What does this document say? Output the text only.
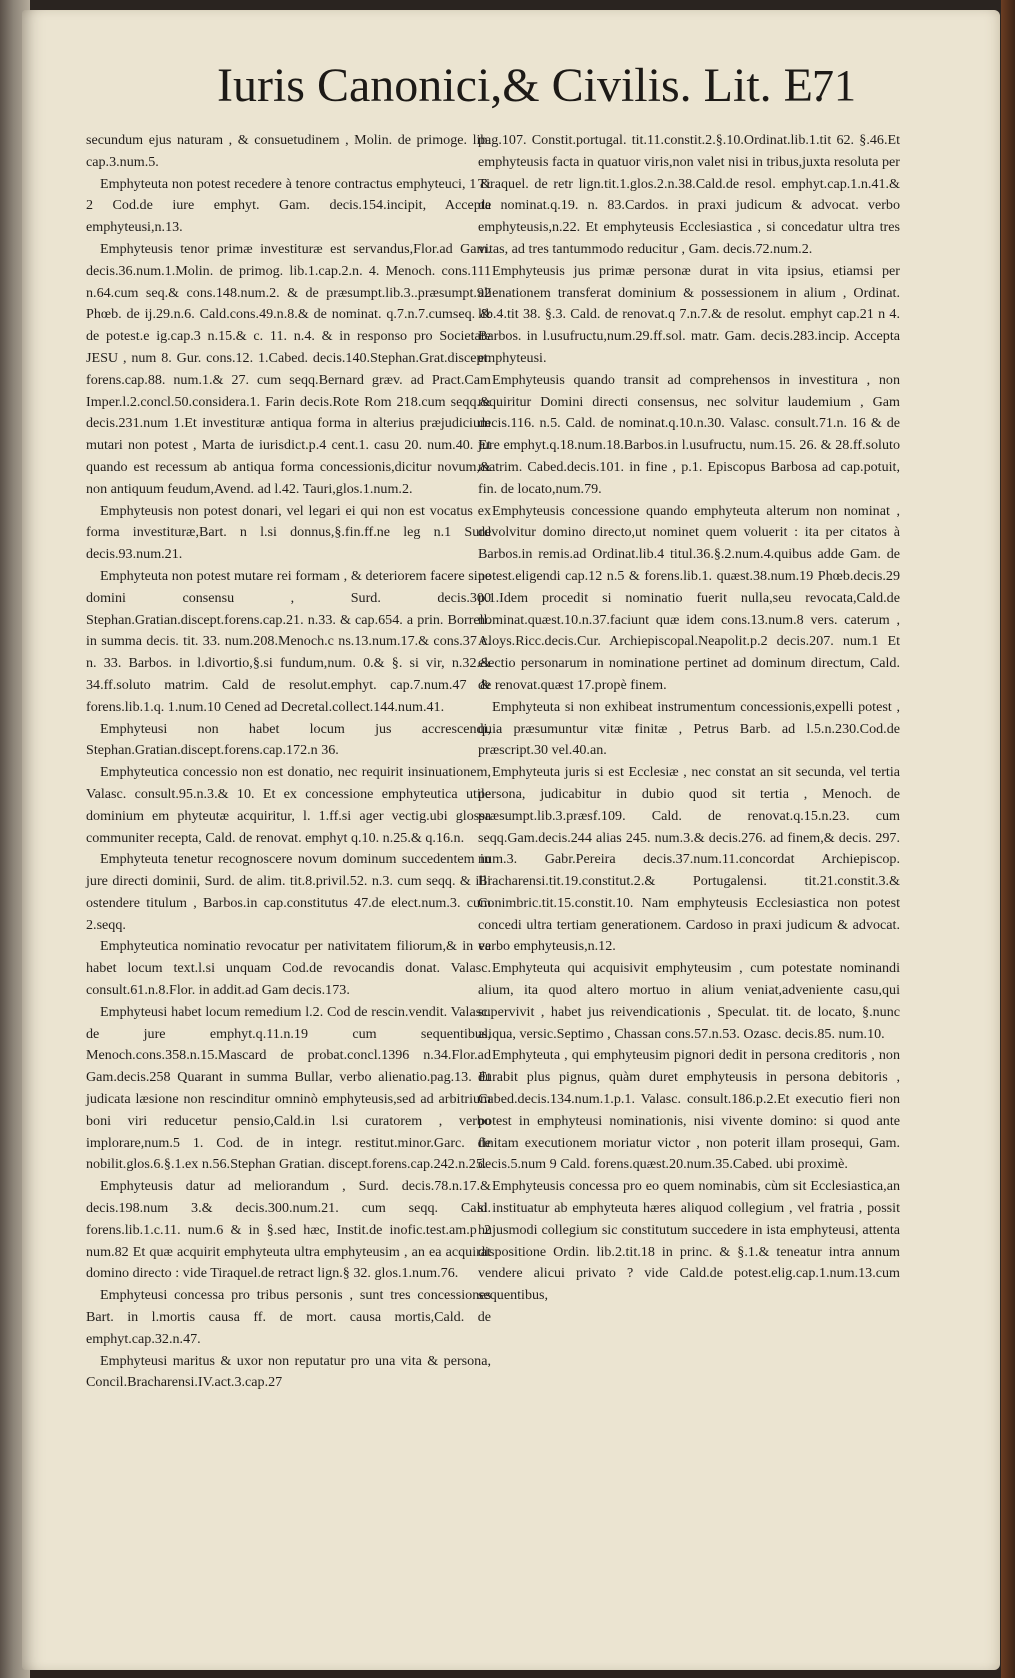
Iuris Canonici,& Civilis. Lit. E.
71

secundum ejus naturam , & consuetudinem , Molin. de primoge. lib. cap.3.num.5.

Emphyteuta non potest recedere à tenore contractus emphyteuci, 1 & 2 Cod.de iure emphyt. Gam. decis.154.incipit, Accepta emphyteusi,n.13.

Emphyteusis tenor primæ investituræ est servandus,Flor.ad Gam. decis.36.num.1.Molin. de primog. lib.1.cap.2.n. 4. Menoch. cons.111 n.64.cum seq.& cons.148.num.2. & de præsumpt.lib.3..præsumpt.92 Phœb. de ij.29.n.6. Cald.cons.49.n.8.& de nominat. q.7.n.7.cumseq. & de potest.e ig.cap.3 n.15.& c. 11. n.4. & in responso pro Societate JESU , num 8. Gur. cons.12. 1.Cabed. decis.140.Stephan.Grat.discept. forens.cap.88. num.1.& 27. cum seqq.Bernard græv. ad Pract.Cam Imper.l.2.concl.50.considera.1. Farin decis.Rote Rom 218.cum seqq.& decis.231.num 1.Et investituræ antiqua forma in alterius præjudicium mutari non potest , Marta de iurisdict.p.4 cent.1. casu 20. num.40. Et quando est recessum ab antiqua forma concessionis,dicitur novum,& non antiquum feudum,Avend. ad l.42. Tauri,glos.1.num.2.

Emphyteusis non potest donari, vel legari ei qui non est vocatus ex forma investituræ,Bart. n l.si donnus,§.fin.ff.ne leg n.1 Surd decis.93.num.21.

Emphyteuta non potest mutare rei formam , & deteriorem facere sine domini consensu , Surd. decis.300 Stephan.Gratian.discept.forens.cap.21. n.33. & cap.654. a prin. Borrell. in summa decis. tit. 33. num.208.Menoch.c ns.13.num.17.& cons.37 c. n. 33. Barbos. in l.divortio,§.si fundum,num. 0.& §. si vir, n.32.& 34.ff.soluto matrim. Cald de resolut.emphyt. cap.7.num.47 & forens.lib.1.q. 1.num.10 Cened ad Decretal.collect.144.num.41.

Emphyteusi non habet locum jus accrescendi, Stephan.Gratian.discept.forens.cap.172.n 36.

Emphyteutica concessio non est donatio, nec requirit insinuationem, Valasc. consult.95.n.3.& 10. Et ex concessione emphyteutica utile dominium em phyteutæ acquiritur, l. 1.ff.si ager vectig.ubi glossa communiter recepta, Cald. de renovat. emphyt q.10. n.25.& q.16.n.

Emphyteuta tenetur recognoscere novum dominum succedentem in jure directi dominii, Surd. de alim. tit.8.privil.52. n.3. cum seqq. & illi ostendere titulum , Barbos.in cap.constitutus 47.de elect.num.3. cum 2.seqq.

Emphyteutica nominatio revocatur per nativitatem filiorum,& in ea habet locum text.l.si unquam Cod.de revocandis donat. Valasc. consult.61.n.8.Flor. in addit.ad Gam decis.173.

Emphyteusi habet locum remedium l.2. Cod de rescin.vendit. Valasc. de jure emphyt.q.11.n.19 cum sequentibus, Menoch.cons.358.n.15.Mascard de probat.concl.1396 n.34.Flor.ad Gam.decis.258 Quarant in summa Bullar, verbo alienatio.pag.13. Et judicata læsione non rescinditur omninò emphyteusis,sed ad arbitrium boni viri reducetur pensio,Cald.in l.si curatorem , verbo implorare,num.5 1. Cod. de in integr. restitut.minor.Garc. de nobilit.glos.6.§.1.ex n.56.Stephan Gratian. discept.forens.cap.242.n.25.

Emphyteusis datur ad meliorandum , Surd. decis.78.n.17.& decis.198.num 3.& decis.300.num.21. cum seqq. Cald. forens.lib.1.c.11. num.6 & in §.sed hæc, Instit.de inofic.test.am.p 2 num.82 Et quæ acquirit emphyteuta ultra emphyteusim , an ea acquirat domino directo : vide Tiraquel.de retract lign.§ 32. glos.1.num.76.

Emphyteusi concessa pro tribus personis , sunt tres concessiones Bart. in l.mortis causa ff. de mort. causa mortis,Cald. de emphyt.cap.32.n.47.

Emphyteusi maritus & uxor non reputatur pro una vita & persona, Concil.Bracharensi.IV.act.3.cap.27

pag.107. Constit.portugal. tit.11.constit.2.§.10.Ordinat.lib.1.tit 62. §.46.Et emphyteusis facta in quatuor viris,non valet nisi in tribus,juxta resoluta per Tiraquel. de retr lign.tit.1.glos.2.n.38.Cald.de resol. emphyt.cap.1.n.41.& de nominat.q.19. n. 83.Cardos. in praxi judicum & advocat. verbo emphyteusis,n.22. Et emphyteusis Ecclesiastica , si concedatur ultra tres vitas, ad tres tantummodo reducitur , Gam. decis.72.num.2.

Emphyteusis jus primæ personæ durat in vita ipsius, etiamsi per alienationem transferat dominium & possessionem in alium , Ordinat. lib.4.tit 38. §.3. Cald. de renovat.q 7.n.7.& de resolut. emphyt cap.21 n 4. Barbos. in l.usufructu,num.29.ff.sol. matr. Gam. decis.283.incip. Accepta emphyteusi.

Emphyteusis quando transit ad comprehensos in investitura , non requiritur Domini directi consensus, nec solvitur laudemium , Gam decis.116. n.5. Cald. de nominat.q.10.n.30. Valasc. consult.71.n. 16 & de jure emphyt.q.18.num.18.Barbos.in l.usufructu, num.15. 26. & 28.ff.soluto matrim. Cabed.decis.101. in fine , p.1. Episcopus Barbosa ad cap.potuit, fin. de locato,num.79.

Emphyteusis concessione quando emphyteuta alterum non nominat , devolvitur domino directo,ut nominet quem voluerit : ita per citatos à Barbos.in remis.ad Ordinat.lib.4 titul.36.§.2.num.4.quibus adde Gam. de potest.eligendi cap.12 n.5 & forens.lib.1. quæst.38.num.19 Phœb.decis.29 p.1.Idem procedit si nominatio fuerit nulla,seu revocata,Cald.de nominat.quæst.10.n.37.faciunt quæ idem cons.13.num.8 vers. caterum , Aloys.Ricc.decis.Cur. Archiepiscopal.Neapolit.p.2 decis.207. num.1 Et electio personarum in nominatione pertinet ad dominum directum, Cald. de renovat.quæst 17.propè finem.

Emphyteuta si non exhibeat instrumentum concessionis,expelli potest , quia præsumuntur vitæ finitæ , Petrus Barb. ad l.5.n.230.Cod.de præscript.30 vel.40.an.

Emphyteuta juris si est Ecclesiæ , nec constat an sit secunda, vel tertia persona, judicabitur in dubio quod sit tertia , Menoch. de præsumpt.lib.3.præsf.109. Cald. de renovat.q.15.n.23. cum seqq.Gam.decis.244 alias 245. num.3.& decis.276. ad finem,& decis. 297. num.3. Gabr.Pereira decis.37.num.11.concordat Archiepiscop. Bracharensi.tit.19.constitut.2.& Portugalensi. tit.21.constit.3.& Conimbric.tit.15.constit.10. Nam emphyteusis Ecclesiastica non potest concedi ultra tertiam generationem. Cardoso in praxi judicum & advocat. verbo emphyteusis,n.12.

Emphyteuta qui acquisivit emphyteusim , cum potestate nominandi alium, ita quod altero mortuo in alium veniat,adveniente casu,qui supervivit , habet jus reivendicationis , Speculat. tit. de locato, §.nunc aliqua, versic.Septimo , Chassan cons.57.n.53. Ozasc. decis.85. num.10.

Emphyteuta , qui emphyteusim pignori dedit in persona creditoris , non durabit plus pignus, quàm duret emphyteusis in persona debitoris , Cabed.decis.134.num.1.p.1. Valasc. consult.186.p.2.Et executio fieri non potest in emphyteusi nominationis, nisi vivente domino: si quod ante finitam executionem moriatur victor , non poterit illam prosequi, Gam. decis.5.num 9 Cald. forens.quæst.20.num.35.Cabed. ubi proximè.

Emphyteusis concessa pro eo quem nominabis, cùm sit Ecclesiastica,an si instituatur ab emphyteuta hæres aliquod collegium , vel fratria , possit hujusmodi collegium sic constitutum succedere in ista emphyteusi, attenta dispositione Ordin. lib.2.tit.18 in princ. & §.1.& teneatur intra annum vendere alicui privato ? vide Cald.de potest.elig.cap.1.num.13.cum sequentibus,
